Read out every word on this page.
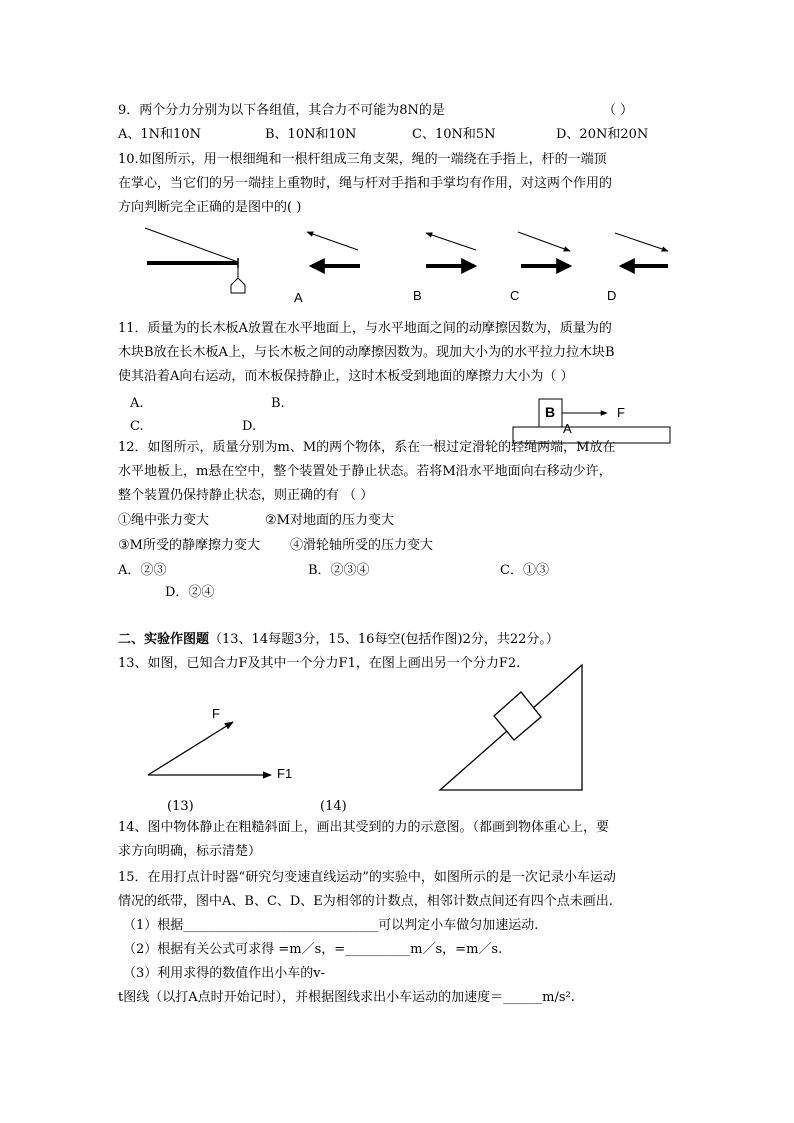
9．两个分力分别为以下各组值，其合力不可能为8N的是	（ ）
A、1N和10N	B、10N和10N	C、10N和5N	D、20N和20N
10.如图所示，用一根细绳和一根杆组成三角支架，绳的一端绕在手指上，杆的一端顶
在掌心，当它们的另一端挂上重物时，绳与杆对手指和手掌均有作用，对这两个作用的
方向判断完全正确的是图中的( )
A	B	C	D
11．质量为的长木板A放置在水平地面上，与水平地面之间的动摩擦因数为，质量为的
木块B放在长木板A上，与长木板之间的动摩擦因数为。现加大小为的水平拉力拉木块B
使其沿着A向右运动，而木板保持静止，这时木板受到地面的摩擦力大小为（ ）
A.	B.
C.	D.
B	F
A
12．如图所示，质量分别为m、M的两个物体，系在一根过定滑轮的轻绳两端，M放在
水平地板上，m悬在空中，整个装置处于静止状态。若将M沿水平地面向右移动少许，
整个装置仍保持静止状态，则正确的有 （ ）
①绳中张力变大	②M对地面的压力变大
③M所受的静摩擦力变大 ④滑轮轴所受的压力变大
A．②③	B．②③④	C．①③
D．②④
二、实验作图题（13、14每题3分，15、16每空(包括作图)2分，共22分。）
13、如图，已知合力F及其中一个分力F1，在图上画出另一个分力F2.
F
F1
(13)	(14)
14、图中物体静止在粗糙斜面上，画出其受到的力的示意图。（都画到物体重心上，要
求方向明确，标示清楚）
15．在用打点计时器“研究匀变速直线运动”的实验中，如图所示的是一次记录小车运动
情况的纸带，图中A、B、C、D、E为相邻的计数点，相邻计数点间还有四个点未画出.
（1）根据______________________________可以判定小车做匀加速运动.
（2）根据有关公式可求得 =m／s，=__________m／s，=m／s.
（3）利用求得的数值作出小车的v-
t图线（以打A点时开始记时），并根据图线求出小车运动的加速度＝______m/s².
